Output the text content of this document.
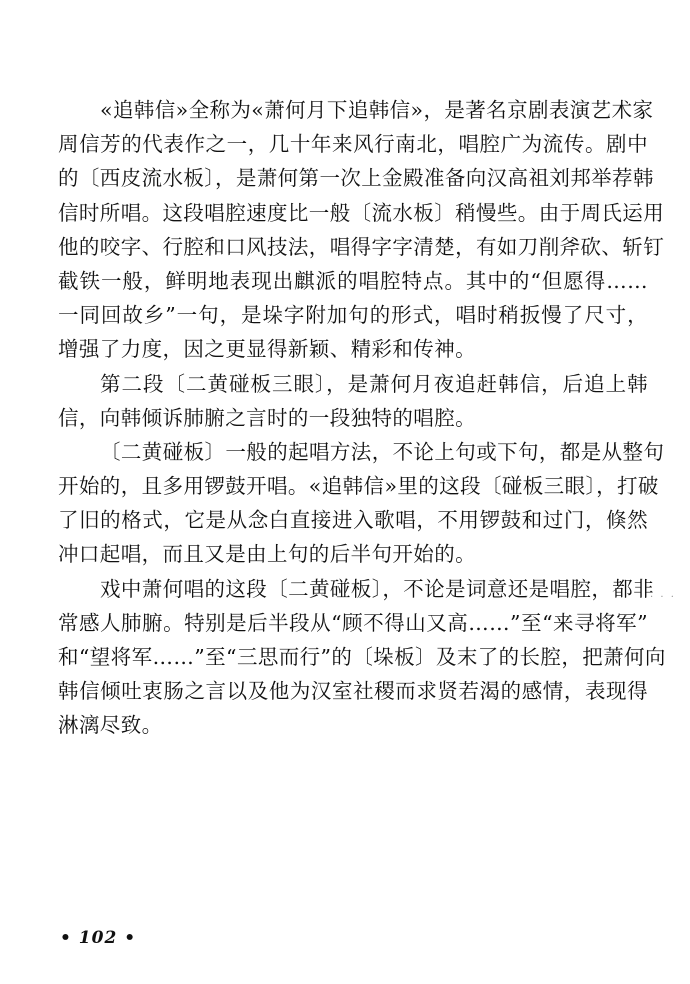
«追韩信»全称为«萧何月下追韩信»，是著名京剧表演艺术家
周信芳的代表作之一，几十年来风行南北，唱腔广为流传。剧中
的〔西皮流水板〕，是萧何第一次上金殿准备向汉高祖刘邦举荐韩
信时所唱。这段唱腔速度比一般〔流水板〕稍慢些。由于周氏运用
他的咬字、行腔和口风技法，唱得字字清楚，有如刀削斧砍、斩钉
截铁一般，鲜明地表现出麒派的唱腔特点。其中的“但愿得……
一同回故乡”一句，是垛字附加句的形式，唱时稍扳慢了尺寸，
增强了力度，因之更显得新颖、精彩和传神。
第二段〔二黄碰板三眼〕，是萧何月夜追赶韩信，后追上韩
信，向韩倾诉肺腑之言时的一段独特的唱腔。
〔二黄碰板〕一般的起唱方法，不论上句或下句，都是从整句
开始的，且多用锣鼓开唱。«追韩信»里的这段〔碰板三眼〕，打破
了旧的格式，它是从念白直接进入歌唱，不用锣鼓和过门，倏然
冲口起唱，而且又是由上句的后半句开始的。
戏中萧何唱的这段〔二黄碰板〕，不论是词意还是唱腔，都非
常感人肺腑。特别是后半段从“顾不得山又高……”至“来寻将军”
和“望将军……”至“三思而行”的〔垛板〕及末了的长腔，把萧何向
韩信倾吐衷肠之言以及他为汉室社稷而求贤若渴的感情，表现得
淋漓尽致。
· · ·
• 102 •
